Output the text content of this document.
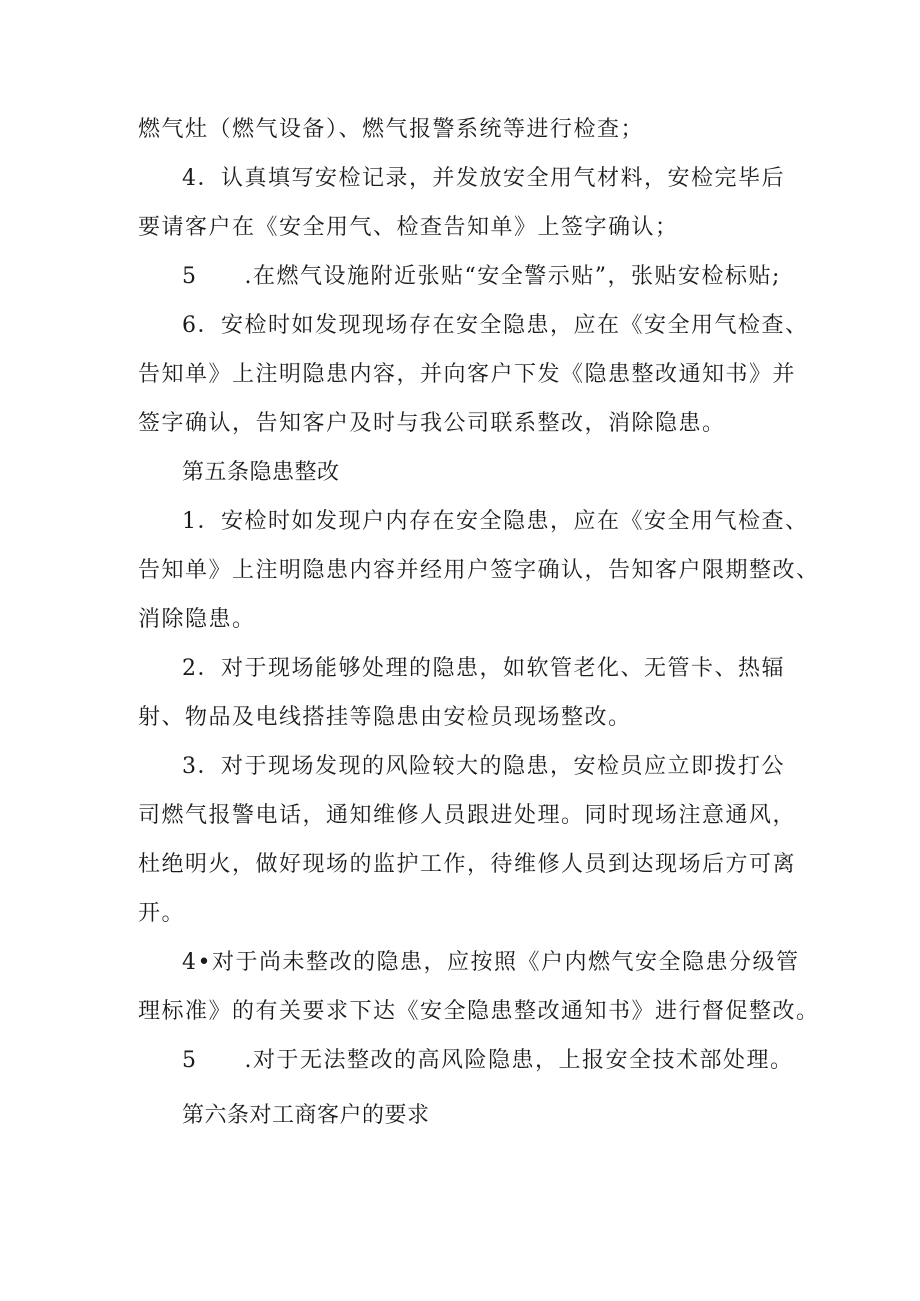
燃气灶（燃气设备）、燃气报警系统等进行检查；
4．认真填写安检记录，并发放安全用气材料，安检完毕后
要请客户在《安全用气、检查告知单》上签字确认；
5　　.在燃气设施附近张贴“安全警示贴”，张贴安检标贴;
6．安检时如发现现场存在安全隐患，应在《安全用气检查、
告知单》上注明隐患内容，并向客户下发《隐患整改通知书》并
签字确认，告知客户及时与我公司联系整改，消除隐患。
第五条隐患整改
1．安检时如发现户内存在安全隐患，应在《安全用气检查、
告知单》上注明隐患内容并经用户签字确认，告知客户限期整改、
消除隐患。
2．对于现场能够处理的隐患，如软管老化、无管卡、热辐
射、物品及电线搭挂等隐患由安检员现场整改。
3．对于现场发现的风险较大的隐患，安检员应立即拨打公
司燃气报警电话，通知维修人员跟进处理。同时现场注意通风，
杜绝明火，做好现场的监护工作，待维修人员到达现场后方可离
开。
4•对于尚未整改的隐患，应按照《户内燃气安全隐患分级管
理标准》的有关要求下达《安全隐患整改通知书》进行督促整改。
5　　.对于无法整改的高风险隐患，上报安全技术部处理。
第六条对工商客户的要求
